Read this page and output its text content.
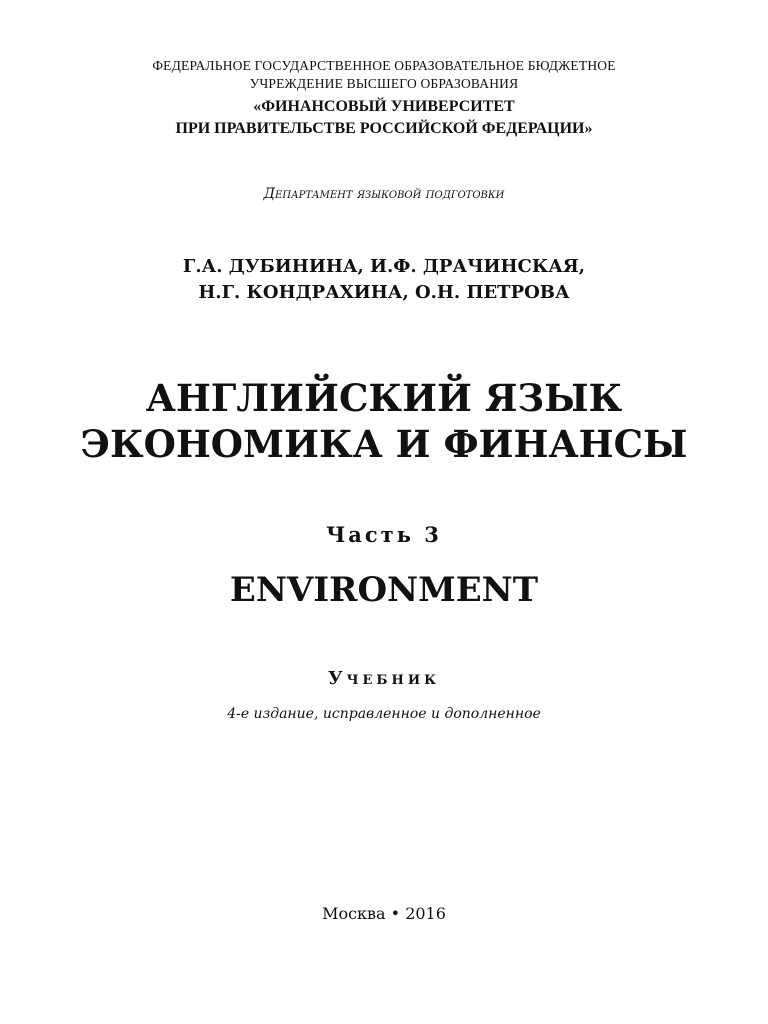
ФЕДЕРАЛЬНОЕ ГОСУДАРСТВЕННОЕ ОБРАЗОВАТЕЛЬНОЕ БЮДЖЕТНОЕ
УЧРЕЖДЕНИЕ ВЫСШЕГО ОБРАЗОВАНИЯ
«ФИНАНСОВЫЙ УНИВЕРСИТЕТ
ПРИ ПРАВИТЕЛЬСТВЕ РОССИЙСКОЙ ФЕДЕРАЦИИ»
Департамент языковой подготовки
Г.А. ДУБИНИНА, И.Ф. ДРАЧИНСКАЯ,
Н.Г. КОНДРАХИНА, О.Н. ПЕТРОВА
АНГЛИЙСКИЙ ЯЗЫК
ЭКОНОМИКА И ФИНАНСЫ
Часть 3
ENVIRONMENT
Учебник
4-е издание, исправленное и дополненное
Москва • 2016
